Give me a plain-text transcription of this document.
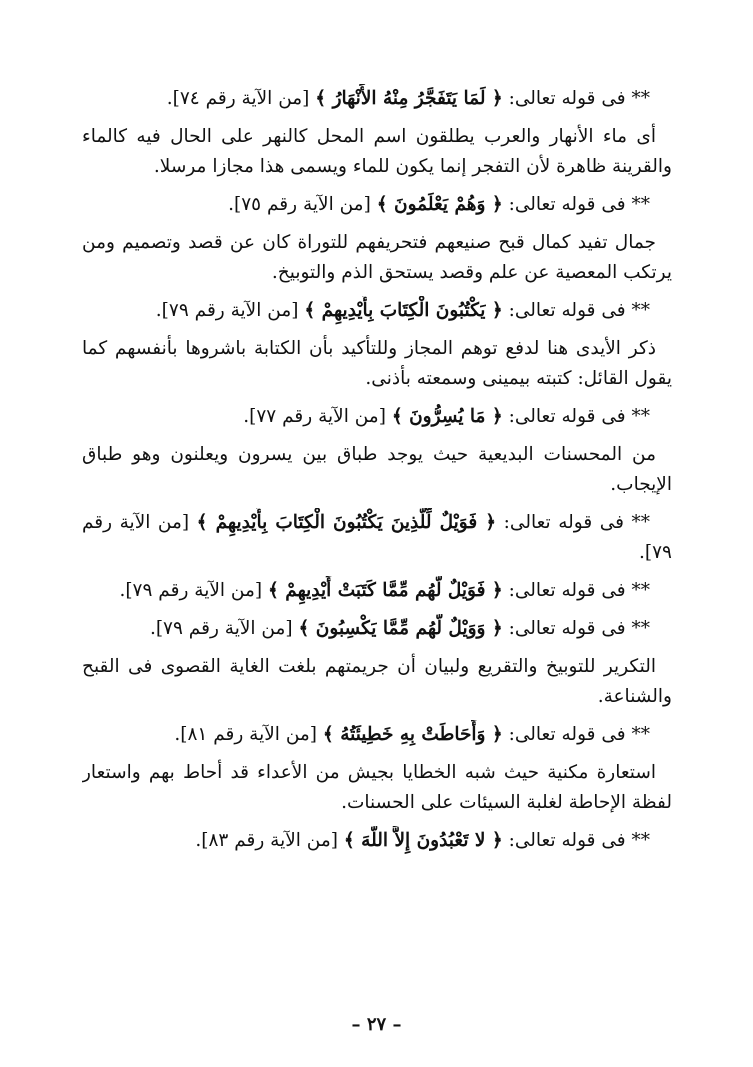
** فى قوله تعالى: ﴿ لَمَا يَتَفَجَّرُ مِنْهُ الأَنْهَارُ ﴾ [من الآية رقم ٧٤].
أى ماء الأنهار والعرب يطلقون اسم المحل كالنهر على الحال فيه كالماء
والقرينة ظاهرة لأن التفجر إنما يكون للماء ويسمى هذا مجازا مرسلا.
** فى قوله تعالى: ﴿ وَهُمْ يَعْلَمُونَ ﴾ [من الآية رقم ٧٥].
جمال تفيد كمال قبح صنيعهم فتحريفهم للتوراة كان عن قصد وتصميم ومن
يرتكب المعصية عن علم وقصد يستحق الذم والتوبيخ.
** فى قوله تعالى: ﴿ يَكْتُبُونَ الْكِتَابَ بِأَيْدِيهِمْ ﴾ [من الآية رقم ٧٩].
ذكر الأيدى هنا لدفع توهم المجاز وللتأكيد بأن الكتابة باشروها بأنفسهم كما
يقول القائل: كتبته بيمينى وسمعته بأذنى.
** فى قوله تعالى: ﴿ مَا يُسِرُّونَ ﴾ [من الآية رقم ٧٧].
من المحسنات البديعية حيث يوجد طباق بين يسرون ويعلنون وهو طباق
الإيجاب.
** فى قوله تعالى: ﴿ فَوَيْلٌ لِّلَّذِينَ يَكْتُبُونَ الْكِتَابَ بِأَيْدِيهِمْ ﴾ [من الآية رقم
٧٩].
** فى قوله تعالى: ﴿ فَوَيْلٌ لَّهُم مِّمَّا كَتَبَتْ أَيْدِيهِمْ ﴾ [من الآية رقم ٧٩].
** فى قوله تعالى: ﴿ وَوَيْلٌ لَّهُم مِّمَّا يَكْسِبُونَ ﴾ [من الآية رقم ٧٩].
التكرير للتوبيخ والتقريع ولبيان أن جريمتهم بلغت الغاية القصوى فى القبح
والشناعة.
** فى قوله تعالى: ﴿ وَأَحَاطَتْ بِهِ خَطِيئَتُهُ ﴾ [من الآية رقم ٨١].
استعارة مكنية حيث شبه الخطايا بجيش من الأعداء قد أحاط بهم واستعار
لفظة الإحاطة لغلبة السيئات على الحسنات.
** فى قوله تعالى: ﴿ لا تَعْبُدُونَ إِلاَّ اللَّهَ ﴾ [من الآية رقم ٨٣].
– ٢٧ –
